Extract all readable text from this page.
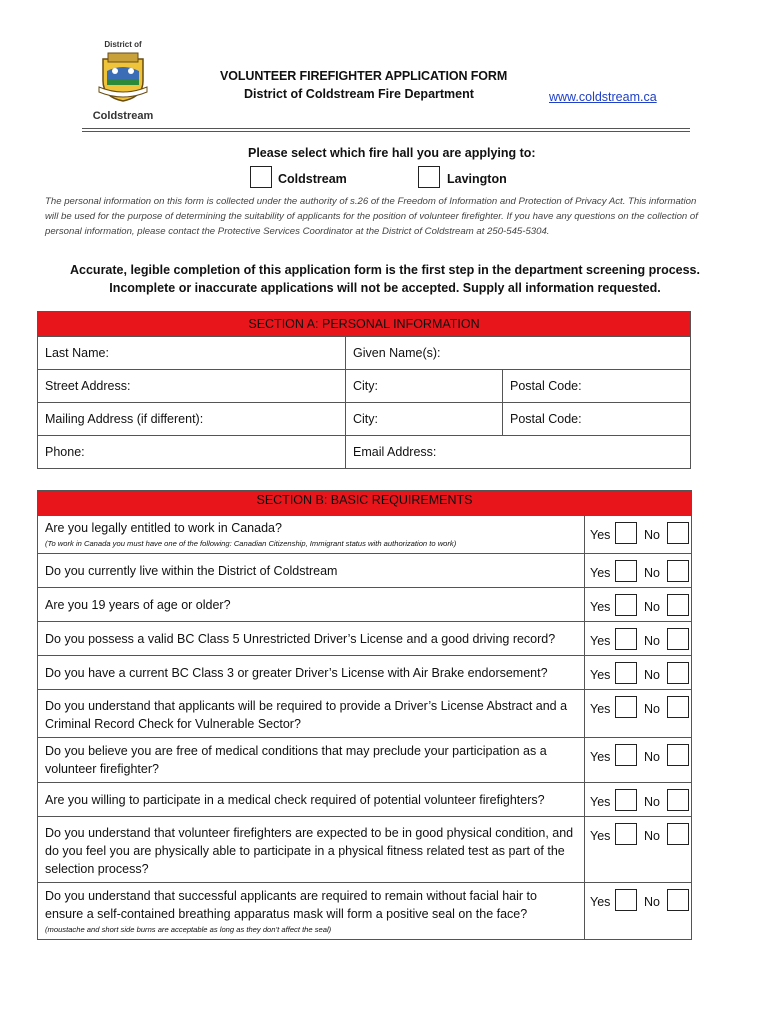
District of
Coldstream
VOLUNTEER FIREFIGHTER APPLICATION FORM
District of Coldstream Fire Department	www.coldstream.ca
Please select which fire hall you are applying to:
Coldstream	Lavington
The personal information on this form is collected under the authority of s.26 of the Freedom of Information and Protection of Privacy Act. This information will be used for the purpose of determining the suitability of applicants for the position of volunteer firefighter. If you have any questions on the collection of personal information, please contact the Protective Services Coordinator at the District of Coldstream at 250-545-5304.
Accurate, legible completion of this application form is the first step in the department screening process.
Incomplete or inaccurate applications will not be accepted. Supply all information requested.
SECTION A: PERSONAL INFORMATION		
Last Name:	Given Name(s):	
Street Address:	City:	Postal Code:
Mailing Address (if different):	City:	Postal Code:
Phone:	Email Address:	
SECTION B: BASIC REQUIREMENTS	
Are you legally entitled to work in Canada?
(To work in Canada you must have one of the following: Canadian Citizenship, Immigrant status with authorization to work)	Yes No

Do you currently live within the District of Coldstream	Yes No

Are you 19 years of age or older?	Yes No

Do you possess a valid BC Class 5 Unrestricted Driver’s License and a good driving record?	Yes No

Do you have a current BC Class 3 or greater Driver’s License with Air Brake endorsement?	Yes No

Do you understand that applicants will be required to provide a Driver’s License Abstract and a Criminal Record Check for Vulnerable Sector?	Yes No

Do you believe you are free of medical conditions that may preclude your participation as a volunteer firefighter?	Yes No

Are you willing to participate in a medical check required of potential volunteer firefighters?	Yes No

Do you understand that volunteer firefighters are expected to be in good physical condition, and do you feel you are physically able to participate in a physical fitness related test as part of the selection process?	Yes No

Do you understand that successful applicants are required to remain without facial hair to ensure a self-contained breathing apparatus mask will form a positive seal on the face?
(moustache and short side burns are acceptable as long as they don’t affect the seal)	Yes No
